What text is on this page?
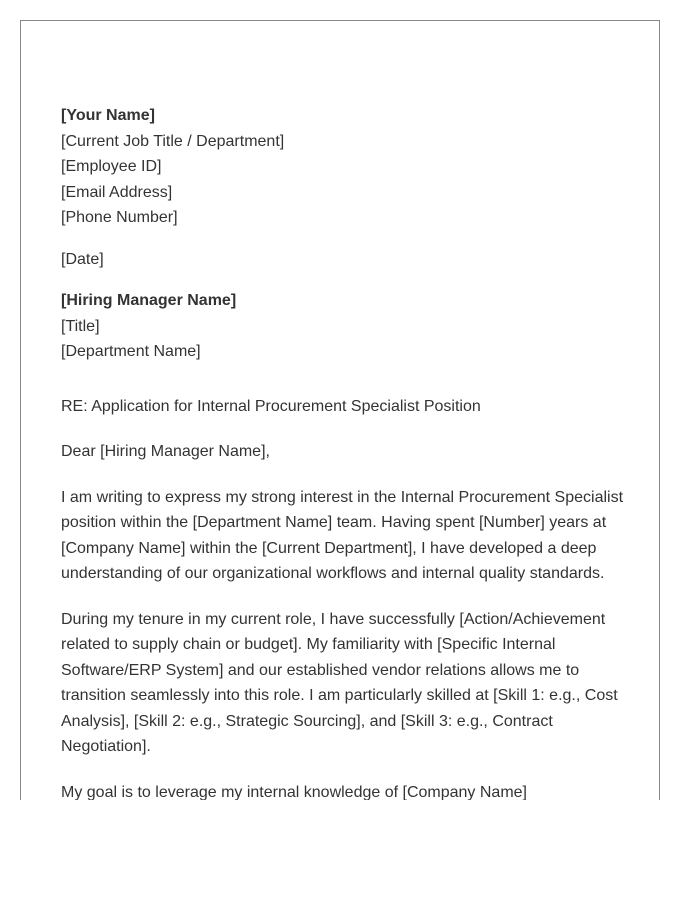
[Your Name]
[Current Job Title / Department]
[Employee ID]
[Email Address]
[Phone Number]
[Date]
[Hiring Manager Name]
[Title]
[Department Name]
RE: Application for Internal Procurement Specialist Position
Dear [Hiring Manager Name],

I am writing to express my strong interest in the Internal Procurement Specialist position within the [Department Name] team. Having spent [Number] years at [Company Name] within the [Current Department], I have developed a deep understanding of our organizational workflows and internal quality standards.

During my tenure in my current role, I have successfully [Action/Achievement related to supply chain or budget]. My familiarity with [Specific Internal Software/ERP System] and our established vendor relations allows me to transition seamlessly into this role. I am particularly skilled at [Skill 1: e.g., Cost Analysis], [Skill 2: e.g., Strategic Sourcing], and [Skill 3: e.g., Contract Negotiation].

My goal is to leverage my internal knowledge of [Company Name]
